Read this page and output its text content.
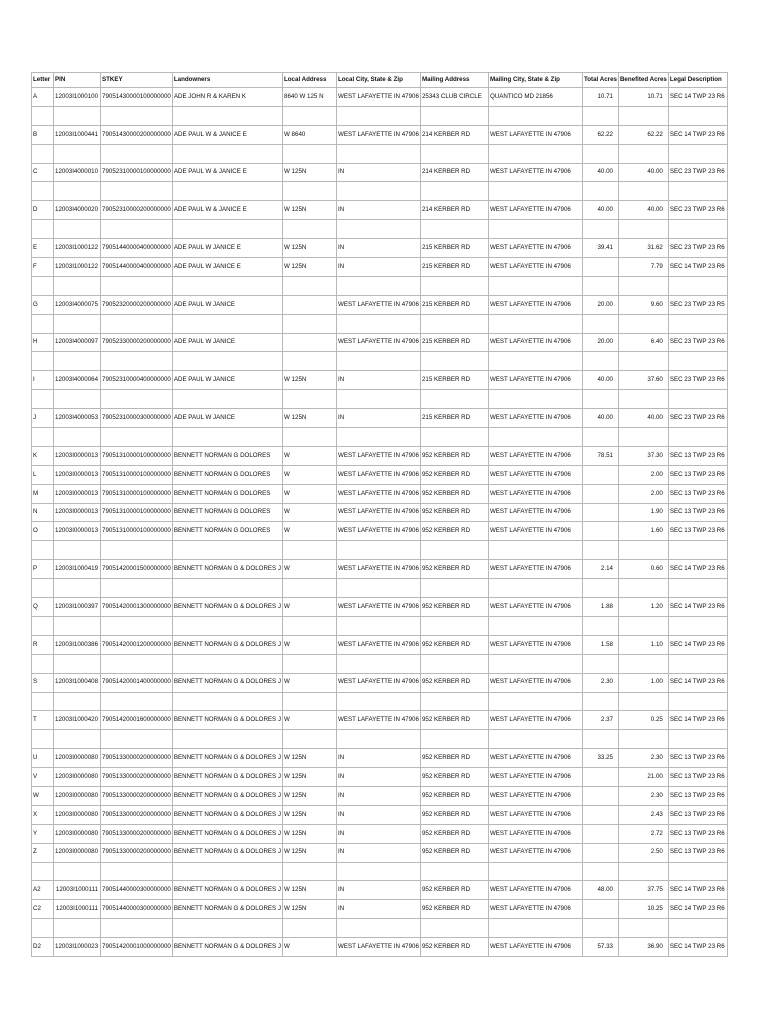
Letter	PIN	STKEY	Landowners	Local Address	Local City, State & Zip	Mailing Address	Mailing City, State & Zip	Total Acres	Benefited Acres	Legal Description
A	12003I1000100	79051430000100000000	ADE JOHN R & KAREN K	8640 W 125 N	WEST LAFAYETTE IN 47906	25343 CLUB CIRCLE	QUANTICO MD 21856	10.71	10.71	SEC 14 TWP 23 R6

B	12003I1000441	79051430000200000000	ADE PAUL W & JANICE E	W 8640	WEST LAFAYETTE IN 47906	214 KERBER RD	WEST LAFAYETTE IN 47906	62.22	62.22	SEC 14 TWP 23 R6

C	12003I4000010	79052310000100000000	ADE PAUL W & JANICE E	W 125N	IN	214 KERBER RD	WEST LAFAYETTE IN 47906	40.00	40.00	SEC 23 TWP 23 R6

D	12003I4000020	79052310000200000000	ADE PAUL W & JANICE E	W 125N	IN	214 KERBER RD	WEST LAFAYETTE IN 47906	40.00	40.00	SEC 23 TWP 23 R6

E	12003I1000122	79051440000400000000	ADE PAUL W JANICE E	W 125N	IN	215 KERBER RD	WEST LAFAYETTE IN 47906	39.41	31.62	SEC 23 TWP 23 R6
F	12003I1000122	79051440000400000000	ADE PAUL W JANICE E	W 125N	IN	215 KERBER RD	WEST LAFAYETTE IN 47906		7.79	SEC 14 TWP 23 R6

G	12003I4000075	79052320000200000000	ADE PAUL W JANICE		WEST LAFAYETTE IN 47906	215 KERBER RD	WEST LAFAYETTE IN 47906	20.00	9.60	SEC 23 TWP 23 R5

H	12003I4000097	79052330000200000000	ADE PAUL W JANICE		WEST LAFAYETTE IN 47906	215 KERBER RD	WEST LAFAYETTE IN 47906	20.00	6.40	SEC 23 TWP 23 R6

I	12003I4000064	79052310000400000000	ADE PAUL W JANICE	W 125N	IN	215 KERBER RD	WEST LAFAYETTE IN 47906	40.00	37.60	SEC 23 TWP 23 R6

J	12003I4000053	79052310000300000000	ADE PAUL W JANICE	W 125N	IN	215 KERBER RD	WEST LAFAYETTE IN 47906	40.00	40.00	SEC 23 TWP 23 R6

K	12003I0000013	79051310000100000000	BENNETT NORMAN G DOLORES	W	WEST LAFAYETTE IN 47906	952 KERBER RD	WEST LAFAYETTE IN 47906	78.51	37.30	SEC 13 TWP 23 R6
L	12003I0000013	79051310000100000000	BENNETT NORMAN G DOLORES	W	WEST LAFAYETTE IN 47906	952 KERBER RD	WEST LAFAYETTE IN 47906		2.00	SEC 13 TWP 23 R6
M	12003I0000013	79051310000100000000	BENNETT NORMAN G DOLORES	W	WEST LAFAYETTE IN 47906	952 KERBER RD	WEST LAFAYETTE IN 47906		2.00	SEC 13 TWP 23 R6
N	12003I0000013	79051310000100000000	BENNETT NORMAN G DOLORES	W	WEST LAFAYETTE IN 47906	952 KERBER RD	WEST LAFAYETTE IN 47906		1.90	SEC 13 TWP 23 R6
O	12003I0000013	79051310000100000000	BENNETT NORMAN G DOLORES	W	WEST LAFAYETTE IN 47906	952 KERBER RD	WEST LAFAYETTE IN 47906		1.60	SEC 13 TWP 23 R6

P	12003I1000419	79051420001500000000	BENNETT NORMAN G & DOLORES J	W	WEST LAFAYETTE IN 47906	952 KERBER RD	WEST LAFAYETTE IN 47906	2.14	0.60	SEC 14 TWP 23 R6

Q	12003I1000397	79051420001300000000	BENNETT NORMAN G & DOLORES J	W	WEST LAFAYETTE IN 47906	952 KERBER RD	WEST LAFAYETTE IN 47906	1.88	1.20	SEC 14 TWP 23 R6

R	12003I1000386	79051420001200000000	BENNETT NORMAN G & DOLORES J	W	WEST LAFAYETTE IN 47906	952 KERBER RD	WEST LAFAYETTE IN 47906	1.58	1.10	SEC 14 TWP 23 R6

S	12003I1000408	79051420001400000000	BENNETT NORMAN G & DOLORES J	W	WEST LAFAYETTE IN 47906	952 KERBER RD	WEST LAFAYETTE IN 47906	2.30	1.00	SEC 14 TWP 23 R6

T	12003I1000420	79051420001600000000	BENNETT NORMAN G & DOLORES J	W	WEST LAFAYETTE IN 47906	952 KERBER RD	WEST LAFAYETTE IN 47906	2.37	0.25	SEC 14 TWP 23 R6

U	12003I0000080	79051330000200000000	BENNETT NORMAN G & DOLORES J	W 125N	IN	952 KERBER RD	WEST LAFAYETTE IN 47906	33.25	2.30	SEC 13 TWP 23 R6
V	12003I0000080	79051330000200000000	BENNETT NORMAN G & DOLORES J	W 125N	IN	952 KERBER RD	WEST LAFAYETTE IN 47906		21.00	SEC 13 TWP 23 R6
W	12003I0000080	79051330000200000000	BENNETT NORMAN G & DOLORES J	W 125N	IN	952 KERBER RD	WEST LAFAYETTE IN 47906		2.30	SEC 13 TWP 23 R6
X	12003I0000080	79051330000200000000	BENNETT NORMAN G & DOLORES J	W 125N	IN	952 KERBER RD	WEST LAFAYETTE IN 47906		2.43	SEC 13 TWP 23 R6
Y	12003I0000080	79051330000200000000	BENNETT NORMAN G & DOLORES J	W 125N	IN	952 KERBER RD	WEST LAFAYETTE IN 47906		2.72	SEC 13 TWP 23 R6
Z	12003I0000080	79051330000200000000	BENNETT NORMAN G & DOLORES J	W 125N	IN	952 KERBER RD	WEST LAFAYETTE IN 47906		2.50	SEC 13 TWP 23 R6

A2	12003I1000111	79051440000300000000	BENNETT NORMAN G & DOLORES J	W 125N	IN	952 KERBER RD	WEST LAFAYETTE IN 47906	48.00	37.75	SEC 14 TWP 23 R6
C2	12003I1000111	79051440000300000000	BENNETT NORMAN G & DOLORES J	W 125N	IN	952 KERBER RD	WEST LAFAYETTE IN 47906		10.25	SEC 14 TWP 23 R6

D2	12003I1000023	79051420001000000000	BENNETT NORMAN G & DOLORES J	W	WEST LAFAYETTE IN 47906	952 KERBER RD	WEST LAFAYETTE IN 47906	57.33	36.90	SEC 14 TWP 23 R6
